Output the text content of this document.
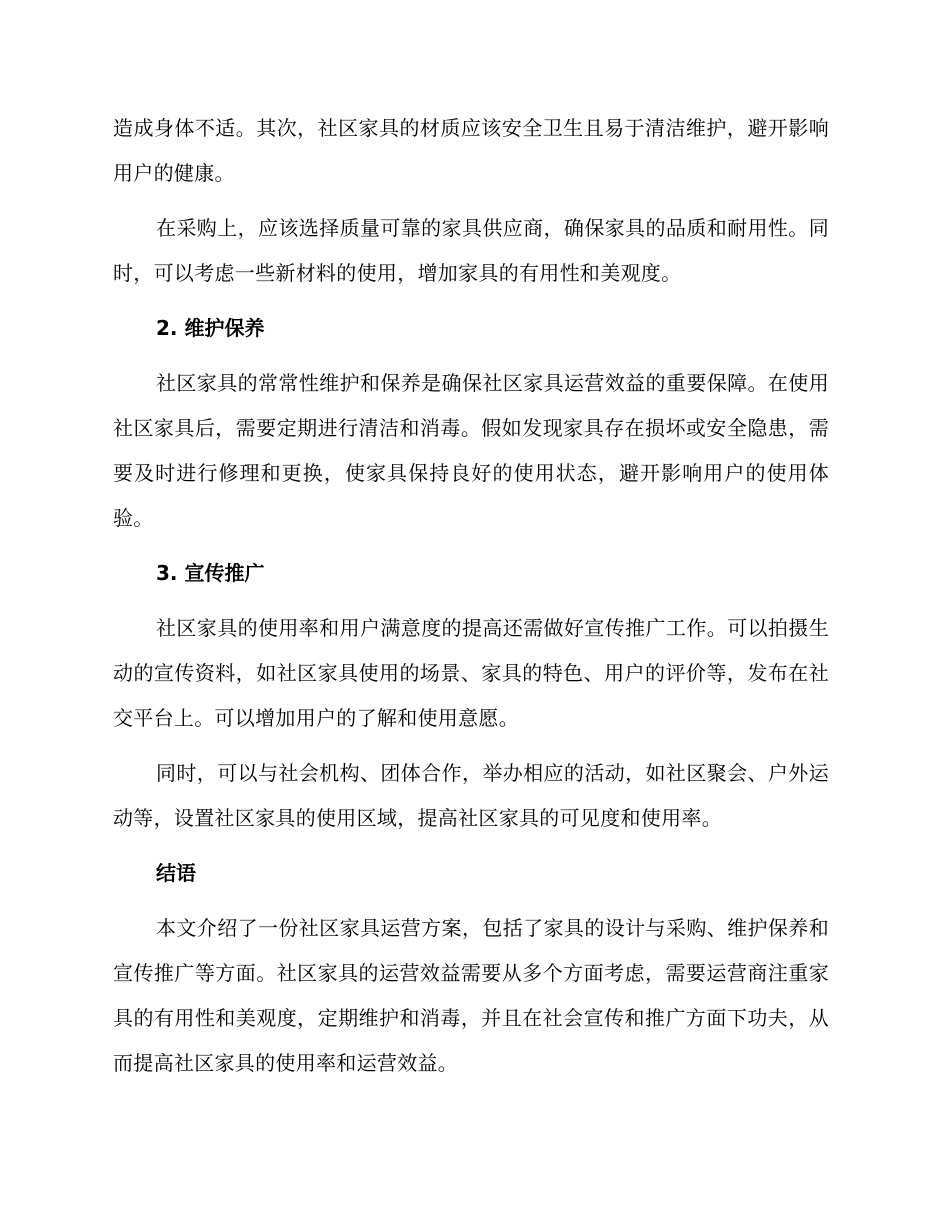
造成身体不适。其次，社区家具的材质应该安全卫生且易于清洁维护，避开影响用户的健康。

在采购上，应该选择质量可靠的家具供应商，确保家具的品质和耐用性。同时，可以考虑一些新材料的使用，增加家具的有用性和美观度。

2. 维护保养

社区家具的常常性维护和保养是确保社区家具运营效益的重要保障。在使用社区家具后，需要定期进行清洁和消毒。假如发现家具存在损坏或安全隐患，需要及时进行修理和更换，使家具保持良好的使用状态，避开影响用户的使用体验。

3. 宣传推广

社区家具的使用率和用户满意度的提高还需做好宣传推广工作。可以拍摄生动的宣传资料，如社区家具使用的场景、家具的特色、用户的评价等，发布在社交平台上。可以增加用户的了解和使用意愿。

同时，可以与社会机构、团体合作，举办相应的活动，如社区聚会、户外运动等，设置社区家具的使用区域，提高社区家具的可见度和使用率。

结语

本文介绍了一份社区家具运营方案，包括了家具的设计与采购、维护保养和宣传推广等方面。社区家具的运营效益需要从多个方面考虑，需要运营商注重家具的有用性和美观度，定期维护和消毒，并且在社会宣传和推广方面下功夫，从而提高社区家具的使用率和运营效益。
